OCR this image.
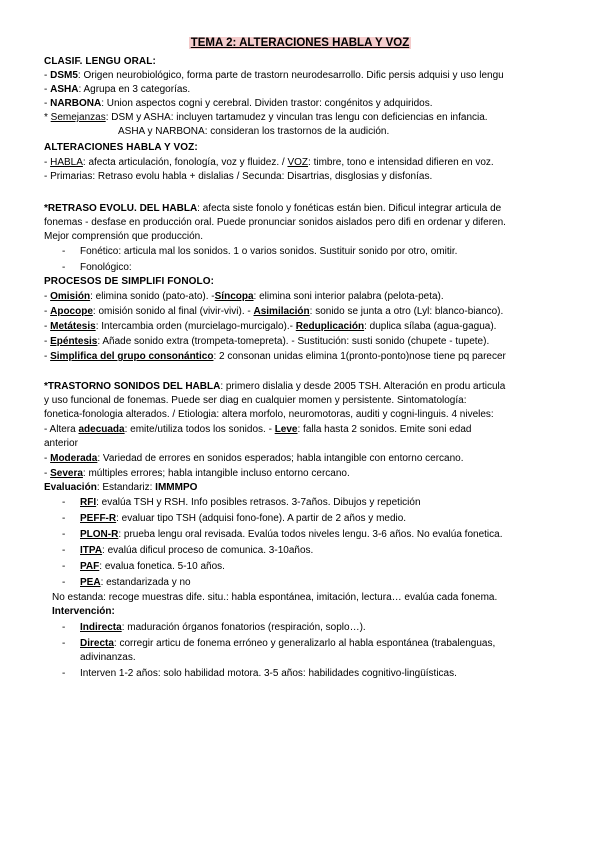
TEMA 2: ALTERACIONES HABLA Y VOZ
CLASIF. LENGU ORAL:
- DSM5: Origen neurobiológico, forma parte de trastorn neurodesarrollo. Dific persis adquisi y uso lengu
- ASHA: Agrupa en 3 categorías.
- NARBONA: Union aspectos cogni y cerebral. Dividen trastor: congénitos y adquiridos.
* Semejanzas: DSM y ASHA: incluyen tartamudez y vinculan tras lengu con deficiencias en infancia.
ASHA y NARBONA: consideran los trastornos de la audición.
ALTERACIONES HABLA Y VOZ:
- HABLA: afecta articulación, fonología, voz y fluidez. / VOZ: timbre, tono e intensidad difieren en voz.
- Primarias: Retraso evolu habla + dislalias / Secunda: Disartrias, disglosias y disfonías.
*RETRASO EVOLU. DEL HABLA: afecta siste fonolo y fonéticas están bien. Dificul integrar articula de
fonemas - desfase en producción oral. Puede pronunciar sonidos aislados pero difi en ordenar y diferen.
Mejor comprensión que producción.
- Fonético: articula mal los sonidos. 1 o varios sonidos. Sustituir sonido por otro, omitir.
- Fonológico:
PROCESOS DE SIMPLIFI FONOLO:
- Omisión: elimina sonido (pato-ato). -Síncopa: elimina soni interior palabra (pelota-peta).
- Apocope: omisión sonido al final (vivir-vivi). - Asimilación: sonido se junta a otro (Lyl: blanco-bianco).
- Metátesis: Intercambia orden (murcielago-murcigalo).- Reduplicación: duplica sílaba (agua-gagua).
- Epéntesis: Añade sonido extra (trompeta-tomepreta). - Sustitución: susti sonido (chupete - tupete).
- Simplifica del grupo consonántico: 2 consonan unidas elimina 1(pronto-ponto)nose tiene pq parecer
*TRASTORNO SONIDOS DEL HABLA: primero dislalia y desde 2005 TSH. Alteración en produ articula
y uso funcional de fonemas. Puede ser diag en cualquier momen y persistente. Sintomatología:
fonetica-fonologia alterados. / Etiologia: altera morfolo, neuromotoras, auditi y cogni-linguis. 4 niveles:
- Altera adecuada: emite/utiliza todos los sonidos. - Leve: falla hasta 2 sonidos. Emite soni edad
anterior
- Moderada: Variedad de errores en sonidos esperados; habla intangible con entorno cercano.
- Severa: múltiples errores; habla intangible incluso entorno cercano.
Evaluación: Estandariz: IMMMPO
- RFI: evalúa TSH y RSH. Info posibles retrasos. 3-7años. Dibujos y repetición
- PEFF-R: evaluar tipo TSH (adquisi fono-fone). A partir de 2 años y medio.
- PLON-R: prueba lengu oral revisada. Evalúa todos niveles lengu. 3-6 años. No evalúa fonetica.
- ITPA: evalúa dificul proceso de comunica. 3-10años.
- PAF: evalua fonetica. 5-10 años.
- PEA: estandarizada y no
No estanda: recoge muestras dife. situ.: habla espontánea, imitación, lectura… evalúa cada fonema.
Intervención:
- Indirecta: maduración órganos fonatorios (respiración, soplo…).
- Directa: corregir articu de fonema erróneo y generalizarlo al habla espontánea (trabalenguas,
adivinanzas.
- Interven 1-2 años: solo habilidad motora. 3-5 años: habilidades cognitivo-lingüísticas.
